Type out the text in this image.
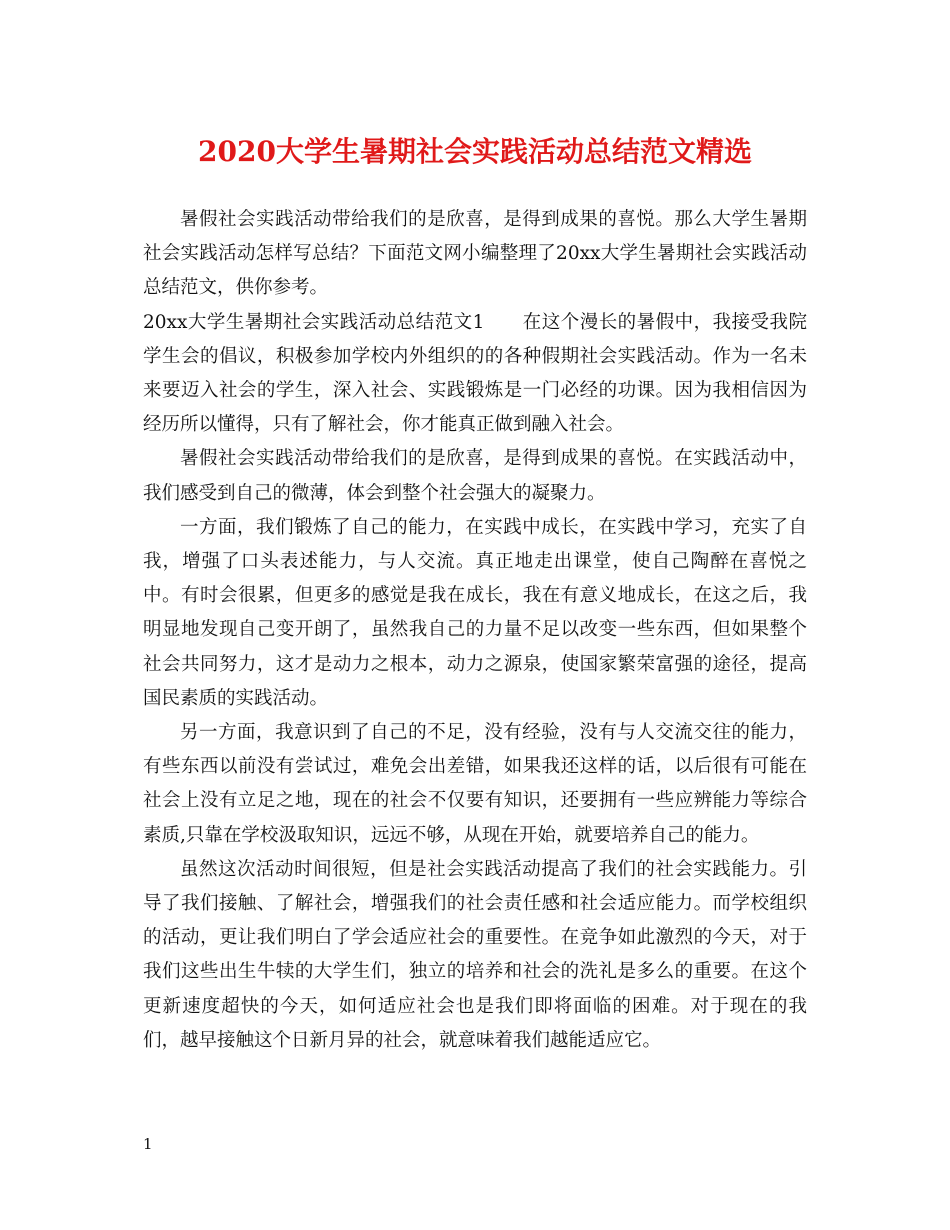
2020大学生暑期社会实践活动总结范文精选

暑假社会实践活动带给我们的是欣喜，是得到成果的喜悦。那么大学生暑期社会实践活动怎样写总结？下面范文网小编整理了20xx大学生暑期社会实践活动总结范文，供你参考。

20xx大学生暑期社会实践活动总结范文1　　在这个漫长的暑假中，我接受我院学生会的倡议，积极参加学校内外组织的的各种假期社会实践活动。作为一名未来要迈入社会的学生，深入社会、实践锻炼是一门必经的功课。因为我相信因为经历所以懂得，只有了解社会，你才能真正做到融入社会。

暑假社会实践活动带给我们的是欣喜，是得到成果的喜悦。在实践活动中，我们感受到自己的微薄，体会到整个社会强大的凝聚力。

一方面，我们锻炼了自己的能力，在实践中成长，在实践中学习，充实了自我，增强了口头表述能力，与人交流。真正地走出课堂，使自己陶醉在喜悦之中。有时会很累，但更多的感觉是我在成长，我在有意义地成长，在这之后，我明显地发现自己变开朗了，虽然我自己的力量不足以改变一些东西，但如果整个社会共同努力，这才是动力之根本，动力之源泉，使国家繁荣富强的途径，提高国民素质的实践活动。

另一方面，我意识到了自己的不足，没有经验，没有与人交流交往的能力，有些东西以前没有尝试过，难免会出差错，如果我还这样的话，以后很有可能在社会上没有立足之地，现在的社会不仅要有知识，还要拥有一些应辨能力等综合素质,只靠在学校汲取知识，远远不够，从现在开始，就要培养自己的能力。

虽然这次活动时间很短，但是社会实践活动提高了我们的社会实践能力。引导了我们接触、了解社会，增强我们的社会责任感和社会适应能力。而学校组织的活动，更让我们明白了学会适应社会的重要性。在竞争如此激烈的今天，对于我们这些出生牛犊的大学生们，独立的培养和社会的洗礼是多么的重要。在这个更新速度超快的今天，如何适应社会也是我们即将面临的困难。对于现在的我们，越早接触这个日新月异的社会，就意味着我们越能适应它。

1
